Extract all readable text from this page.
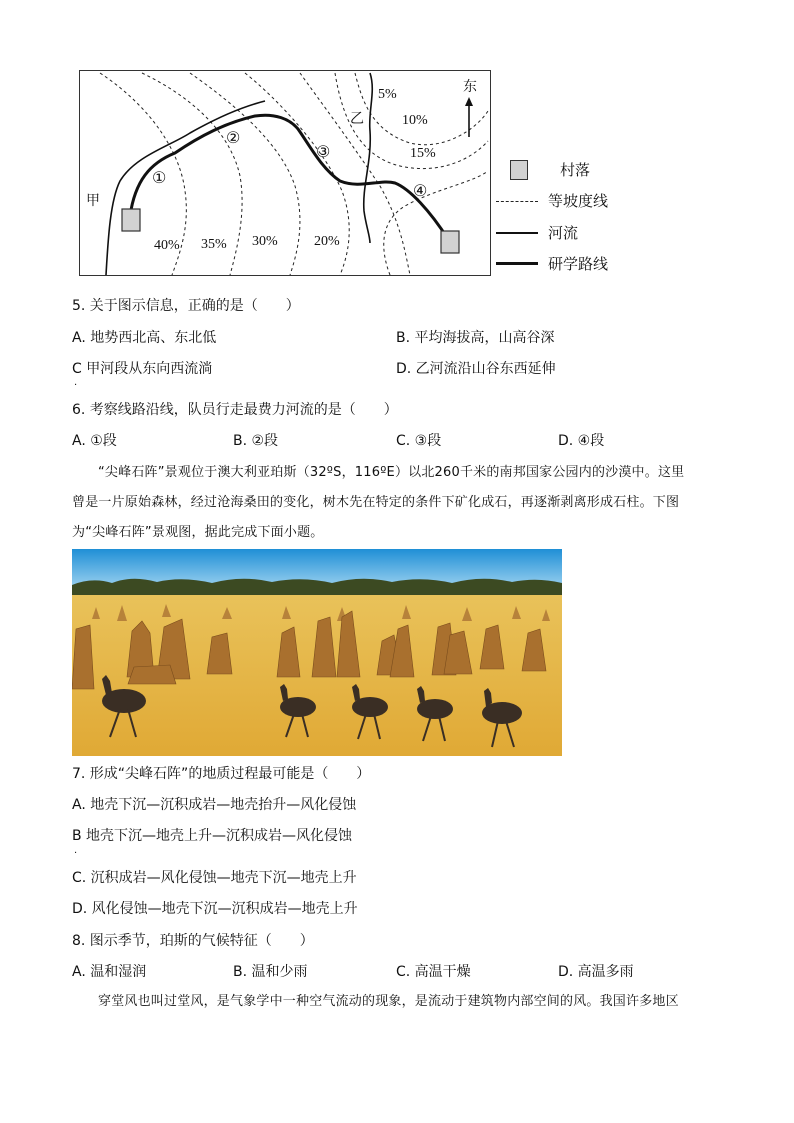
东
甲
乙
①
②
③
④
5%
10%
15%
20%
30%
35%
40%
村落
等坡度线
河流
研学路线
5. 关于图示信息，正确的是（　　）
A. 地势西北高、东北低	B. 平均海拔高，山高谷深
C 甲河段从东向西流淌
.
D. 乙河流沿山谷东西延伸
6. 考察线路沿线，队员行走最费力河流的是（　　）
A. ①段	B. ②段	C. ③段	D. ④段

“尖峰石阵”景观位于澳大利亚珀斯（32ºS，116ºE）以北260千米的南邦国家公园内的沙漠中。这里

曾是一片原始森林，经过沧海桑田的变化，树木先在特定的条件下矿化成石，再逐渐剥离形成石柱。下图

为“尖峰石阵”景观图，据此完成下面小题。

7. 形成“尖峰石阵”的地质过程最可能是（　　）
A. 地壳下沉—沉积成岩—地壳抬升—风化侵蚀
B 地壳下沉—地壳上升—沉积成岩—风化侵蚀
.
C. 沉积成岩—风化侵蚀—地壳下沉—地壳上升
D. 风化侵蚀—地壳下沉—沉积成岩—地壳上升
8. 图示季节，珀斯的气候特征（　　）
A. 温和湿润	B. 温和少雨	C. 高温干燥	D. 高温多雨

穿堂风也叫过堂风，是气象学中一种空气流动的现象，是流动于建筑物内部空间的风。我国许多地区
